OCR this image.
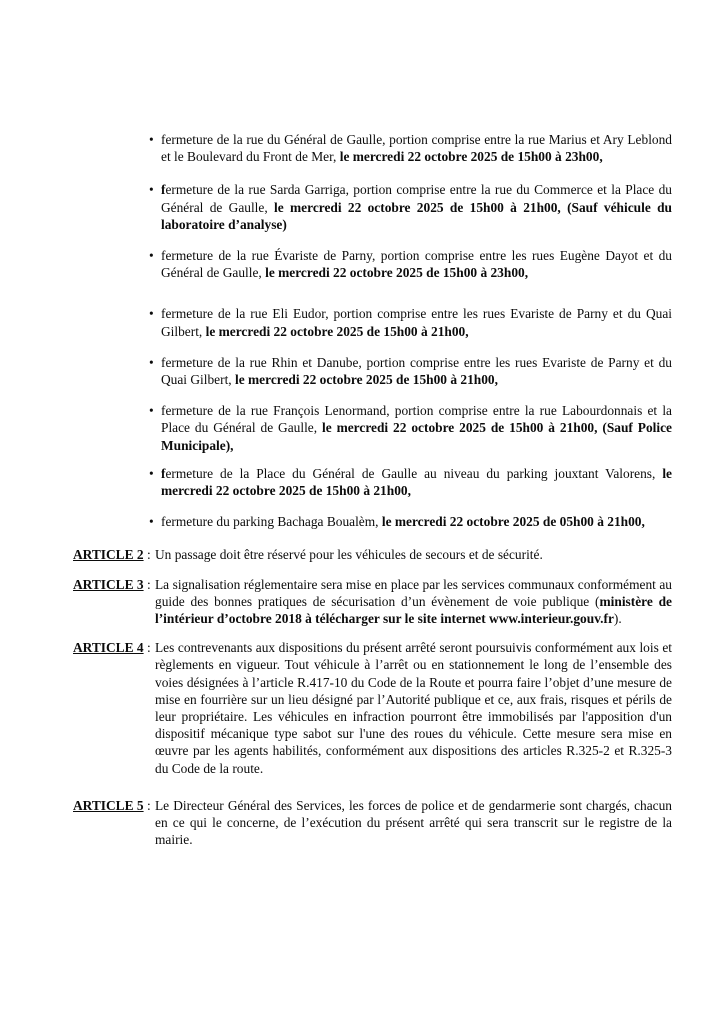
• fermeture de la rue du Général de Gaulle, portion comprise entre la rue Marius et Ary Leblond et le Boulevard du Front de Mer, le mercredi 22 octobre 2025 de 15h00 à 23h00,
• fermeture de la rue Sarda Garriga, portion comprise entre la rue du Commerce et la Place du Général de Gaulle, le mercredi 22 octobre 2025 de 15h00 à 21h00, (Sauf véhicule du laboratoire d’analyse)
• fermeture de la rue Évariste de Parny, portion comprise entre les rues Eugène Dayot et du Général de Gaulle, le mercredi 22 octobre 2025 de 15h00 à 23h00,
• fermeture de la rue Eli Eudor, portion comprise entre les rues Evariste de Parny et du Quai Gilbert, le mercredi 22 octobre 2025 de 15h00 à 21h00,
• fermeture de la rue Rhin et Danube, portion comprise entre les rues Evariste de Parny et du Quai Gilbert, le mercredi 22 octobre 2025 de 15h00 à 21h00,
• fermeture de la rue François Lenormand, portion comprise entre la rue Labourdonnais et la Place du Général de Gaulle, le mercredi 22 octobre 2025 de 15h00 à 21h00, (Sauf Police Municipale),
• fermeture de la Place du Général de Gaulle au niveau du parking jouxtant Valorens, le mercredi 22 octobre 2025 de 15h00 à 21h00,
• fermeture du parking Bachaga Boualèm, le mercredi 22 octobre 2025 de 05h00 à 21h00,
ARTICLE 2 : Un passage doit être réservé pour les véhicules de secours et de sécurité.
ARTICLE 3 : La signalisation réglementaire sera mise en place par les services communaux conformément au guide des bonnes pratiques de sécurisation d’un évènement de voie publique (ministère de l’intérieur d’octobre 2018 à télécharger sur le site internet www.interieur.gouv.fr).
ARTICLE 4 : Les contrevenants aux dispositions du présent arrêté seront poursuivis conformément aux lois et règlements en vigueur. Tout véhicule à l’arrêt ou en stationnement le long de l’ensemble des voies désignées à l’article R.417-10 du Code de la Route et pourra faire l’objet d’une mesure de mise en fourrière sur un lieu désigné par l’Autorité publique et ce, aux frais, risques et périls de leur propriétaire. Les véhicules en infraction pourront être immobilisés par l'apposition d'un dispositif mécanique type sabot sur l'une des roues du véhicule. Cette mesure sera mise en œuvre par les agents habilités, conformément aux dispositions des articles R.325-2 et R.325-3 du Code de la route.
ARTICLE 5 : Le Directeur Général des Services, les forces de police et de gendarmerie sont chargés, chacun en ce qui le concerne, de l’exécution du présent arrêté qui sera transcrit sur le registre de la mairie.
